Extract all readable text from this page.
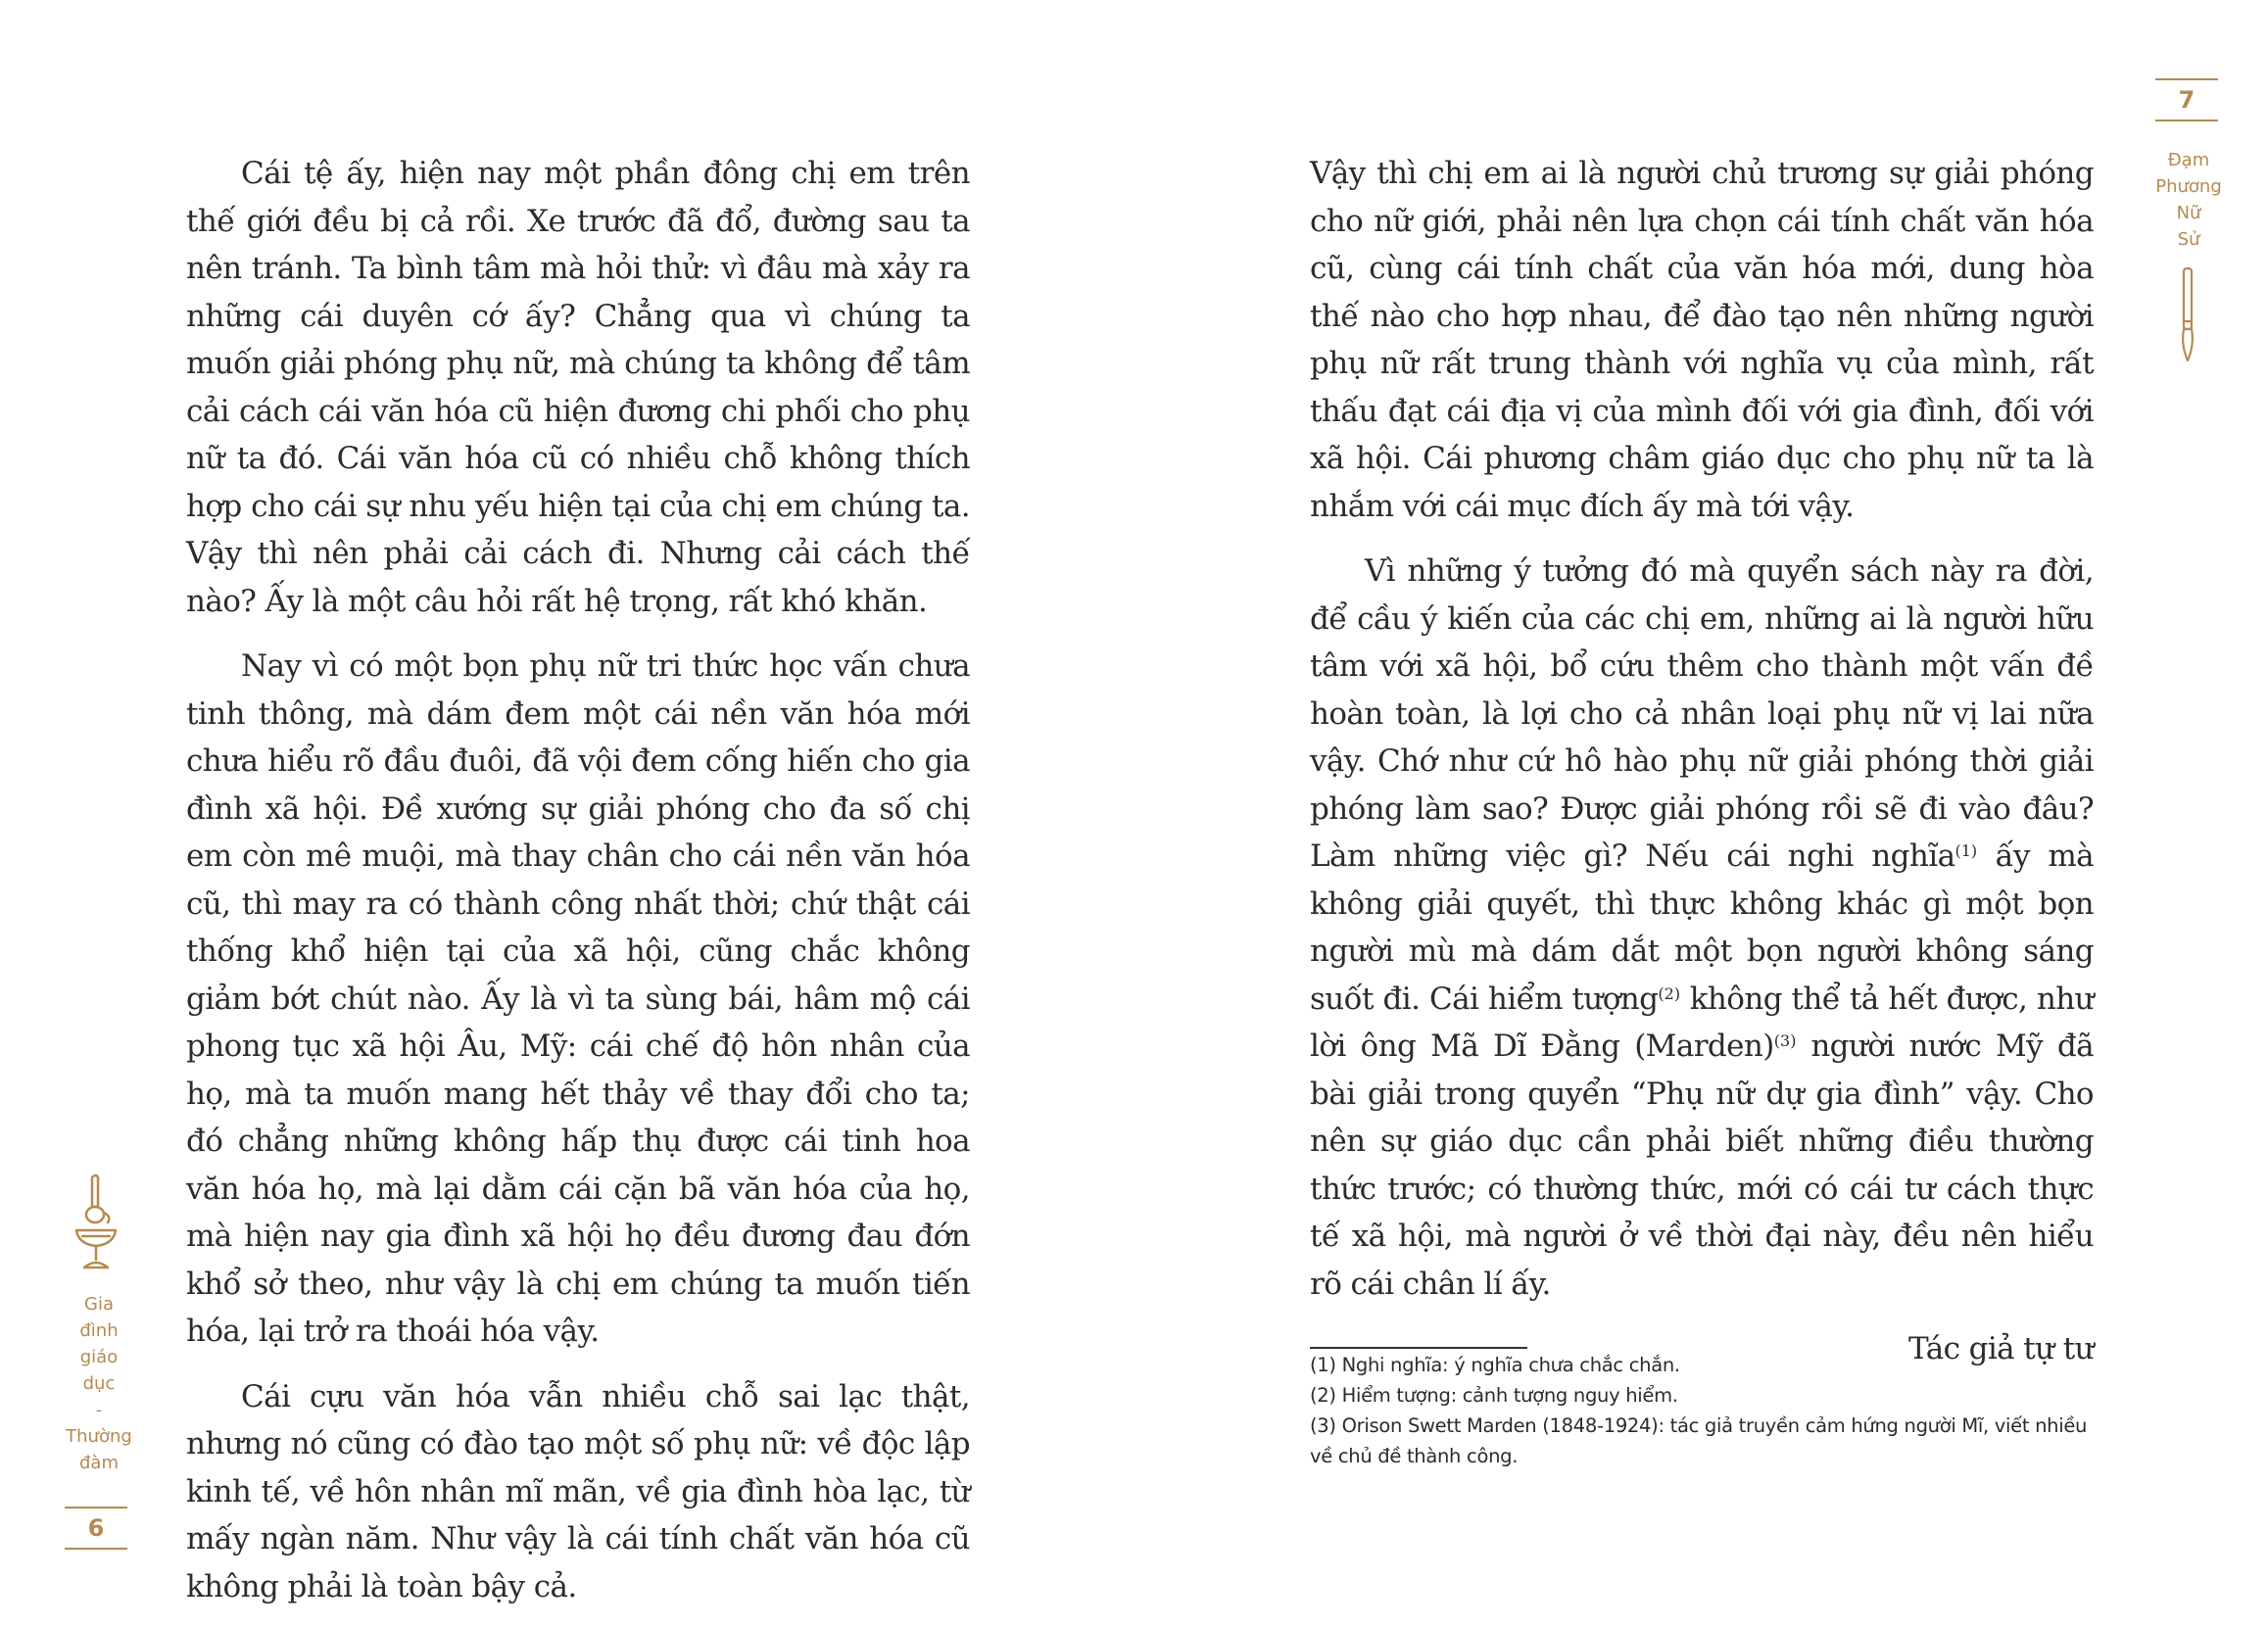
Cái tệ ấy, hiện nay một phần đông chị em trên thế giới đều bị cả rồi. Xe trước đã đổ, đường sau ta nên tránh. Ta bình tâm mà hỏi thử: vì đâu mà xảy ra những cái duyên cớ ấy? Chẳng qua vì chúng ta muốn giải phóng phụ nữ, mà chúng ta không để tâm cải cách cái văn hóa cũ hiện đương chi phối cho phụ nữ ta đó. Cái văn hóa cũ có nhiều chỗ không thích hợp cho cái sự nhu yếu hiện tại của chị em chúng ta. Vậy thì nên phải cải cách đi. Nhưng cải cách thế nào? Ấy là một câu hỏi rất hệ trọng, rất khó khăn.

Nay vì có một bọn phụ nữ tri thức học vấn chưa tinh thông, mà dám đem một cái nền văn hóa mới chưa hiểu rõ đầu đuôi, đã vội đem cống hiến cho gia đình xã hội. Đề xướng sự giải phóng cho đa số chị em còn mê muội, mà thay chân cho cái nền văn hóa cũ, thì may ra có thành công nhất thời; chứ thật cái thống khổ hiện tại của xã hội, cũng chắc không giảm bớt chút nào. Ấy là vì ta sùng bái, hâm mộ cái phong tục xã hội Âu, Mỹ: cái chế độ hôn nhân của họ, mà ta muốn mang hết thảy về thay đổi cho ta; đó chẳng những không hấp thụ được cái tinh hoa văn hóa họ, mà lại dằm cái cặn bã văn hóa của họ, mà hiện nay gia đình xã hội họ đều đương đau đớn khổ sở theo, như vậy là chị em chúng ta muốn tiến hóa, lại trở ra thoái hóa vậy.

Cái cựu văn hóa vẫn nhiều chỗ sai lạc thật, nhưng nó cũng có đào tạo một số phụ nữ: về độc lập kinh tế, về hôn nhân mĩ mãn, về gia đình hòa lạc, từ mấy ngàn năm. Như vậy là cái tính chất văn hóa cũ không phải là toàn bậy cả.

Gia
đình
giáo
dục
-
Thường
đàm
6

Vậy thì chị em ai là người chủ trương sự giải phóng cho nữ giới, phải nên lựa chọn cái tính chất văn hóa cũ, cùng cái tính chất của văn hóa mới, dung hòa thế nào cho hợp nhau, để đào tạo nên những người phụ nữ rất trung thành với nghĩa vụ của mình, rất thấu đạt cái địa vị của mình đối với gia đình, đối với xã hội. Cái phương châm giáo dục cho phụ nữ ta là nhắm với cái mục đích ấy mà tới vậy.

Vì những ý tưởng đó mà quyển sách này ra đời, để cầu ý kiến của các chị em, những ai là người hữu tâm với xã hội, bổ cứu thêm cho thành một vấn đề hoàn toàn, là lợi cho cả nhân loại phụ nữ vị lai nữa vậy. Chớ như cứ hô hào phụ nữ giải phóng thời giải phóng làm sao? Được giải phóng rồi sẽ đi vào đâu? Làm những việc gì? Nếu cái nghi nghĩa$^{(1)}$ ấy mà không giải quyết, thì thực không khác gì một bọn người mù mà dám dắt một bọn người không sáng suốt đi. Cái hiểm tượng$^{(2)}$ không thể tả hết được, như lời ông Mã Dĩ Đằng (Marden)$^{(3)}$ người nước Mỹ đã bài giải trong quyển “Phụ nữ dự gia đình” vậy. Cho nên sự giáo dục cần phải biết những điều thường thức trước; có thường thức, mới có cái tư cách thực tế xã hội, mà người ở về thời đại này, đều nên hiểu rõ cái chân lí ấy.

Tác giả tự tư

(1) Nghi nghĩa: ý nghĩa chưa chắc chắn.
(2) Hiểm tượng: cảnh tượng nguy hiểm.
(3) Orison Swett Marden (1848-1924): tác giả truyền cảm hứng người Mĩ, viết nhiều về chủ đề thành công.
7
Đạm
Phương
Nữ
Sử
